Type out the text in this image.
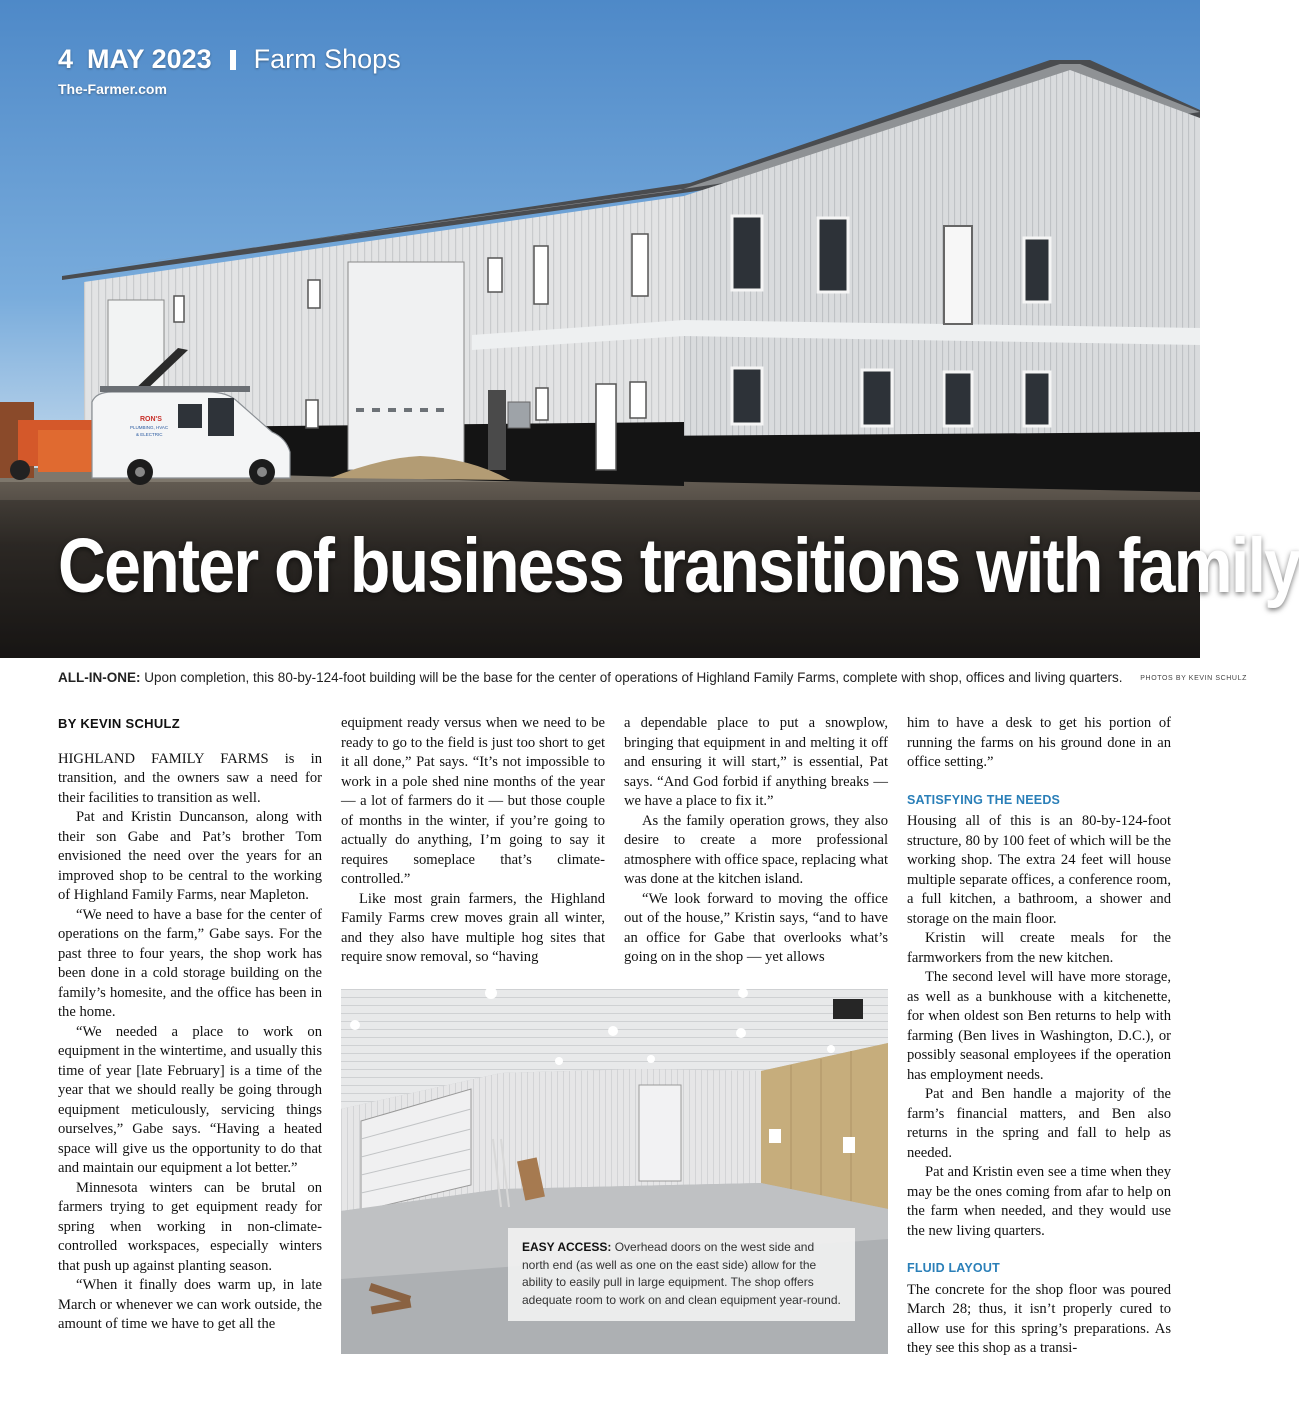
RON'S
PLUMBING, HVAC
& ELECTRIC
4 MAY 2023 Farm Shops
The-Farmer.com
Center of business transitions with family
ALL-IN-ONE: Upon completion, this 80-by-124-foot building will be the base for the center of operations of Highland Family Farms, complete with shop, offices and living quarters.	PHOTOS BY KEVIN SCHULZ
BY KEVIN SCHULZ

HIGHLAND FAMILY FARMS is in transition, and the owners saw a need for their facilities to transition as well.

Pat and Kristin Duncanson, along with their son Gabe and Pat’s brother Tom envisioned the need over the years for an improved shop to be central to the working of Highland Family Farms, near Mapleton.

“We need to have a base for the center of operations on the farm,” Gabe says. For the past three to four years, the shop work has been done in a cold storage building on the family’s homesite, and the office has been in the home.

“We needed a place to work on equipment in the wintertime, and usually this time of year [late February] is a time of the year that we should really be going through equipment meticulously, servicing things ourselves,” Gabe says. “Having a heated space will give us the opportunity to do that and maintain our equipment a lot better.”

Minnesota winters can be brutal on farmers trying to get equipment ready for spring when working in non-climate-controlled workspaces, especially winters that push up against planting season.

“When it finally does warm up, in late March or whenever we can work outside, the amount of time we have to get all the

equipment ready versus when we need to be ready to go to the field is just too short to get it all done,” Pat says. “It’s not impossible to work in a pole shed nine months of the year — a lot of farmers do it — but those couple of months in the winter, if you’re going to actually do anything, I’m going to say it requires someplace that’s climate-controlled.”

Like most grain farmers, the Highland Family Farms crew moves grain all winter, and they also have multiple hog sites that require snow removal, so “having

a dependable place to put a snowplow, bringing that equipment in and melting it off and ensuring it will start,” is essential, Pat says. “And God forbid if anything breaks — we have a place to fix it.”

As the family operation grows, they also desire to create a more professional atmosphere with office space, replacing what was done at the kitchen island.

“We look forward to moving the office out of the house,” Kristin says, “and to have an office for Gabe that overlooks what’s going on in the shop — yet allows

him to have a desk to get his portion of running the farms on his ground done in an office setting.”

SATISFYING THE NEEDS

Housing all of this is an 80-by-124-foot structure, 80 by 100 feet of which will be the working shop. The extra 24 feet will house multiple separate offices, a conference room, a full kitchen, a bathroom, a shower and storage on the main floor.

Kristin will create meals for the farmworkers from the new kitchen.

The second level will have more storage, as well as a bunkhouse with a kitchenette, for when oldest son Ben returns to help with farming (Ben lives in Washington, D.C.), or possibly seasonal employees if the operation has employment needs.

Pat and Ben handle a majority of the farm’s financial matters, and Ben also returns in the spring and fall to help as needed.

Pat and Kristin even see a time when they may be the ones coming from afar to help on the farm when needed, and they would use the new living quarters.

FLUID LAYOUT

The concrete for the shop floor was poured March 28; thus, it isn’t properly cured to allow use for this spring’s preparations. As they see this shop as a transi-

EASY ACCESS: Overhead doors on the west side and north end (as well as one on the east side) allow for the ability to easily pull in large equipment. The shop offers adequate room to work on and clean equipment year-round.
